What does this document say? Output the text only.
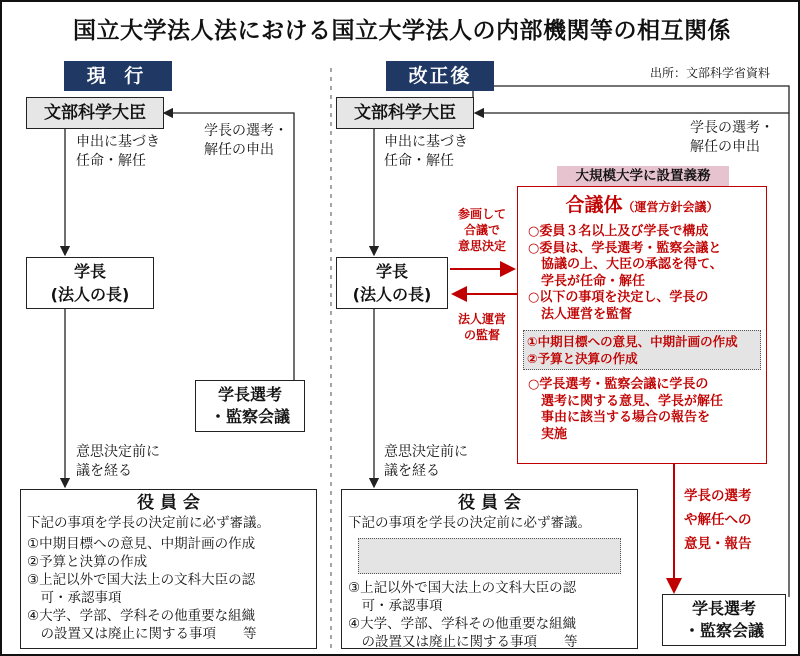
国立大学法人法における国立大学法人の内部機関等の相互関係
出所：文部科学省資料
現 行
文部科学大臣
申出に基づき
任命・解任
学長の選考・
解任の申出
学長
(法人の長)
学長選考
・監察会議
意思決定前に
議を経る
役 員 会
下記の事項を学長の決定前に必ず審議。
①中期目標への意見、中期計画の作成
②予算と決算の作成
③上記以外で国大法上の文科大臣の認
　可・承認事項
④大学、学部、学科その他重要な組織
　の設置又は廃止に関する事項　　等
改正後
文部科学大臣
申出に基づき
任命・解任
学長の選考・
解任の申出
学長
(法人の長)
参画して
合議で
意思決定
法人運営
の監督
大規模大学に設置義務
合議体（運営方針会議）
○委員３名以上及び学長で構成
○委員は、学長選考・監察会議と
　協議の上、大臣の承認を得て、
　学長が任命・解任
○以下の事項を決定し、学長の
　法人運営を監督
①中期目標への意見、中期計画の作成
②予算と決算の作成
○学長選考・監察会議に学長の
　選考に関する意見、学長が解任
　事由に該当する場合の報告を
　実施
学長の選考
や解任への
意見・報告
意思決定前に
議を経る
役 員 会
下記の事項を学長の決定前に必ず審議。
③上記以外で国大法上の文科大臣の認
　可・承認事項
④大学、学部、学科その他重要な組織
　の設置又は廃止に関する事項　　等
学長選考
・監察会議
